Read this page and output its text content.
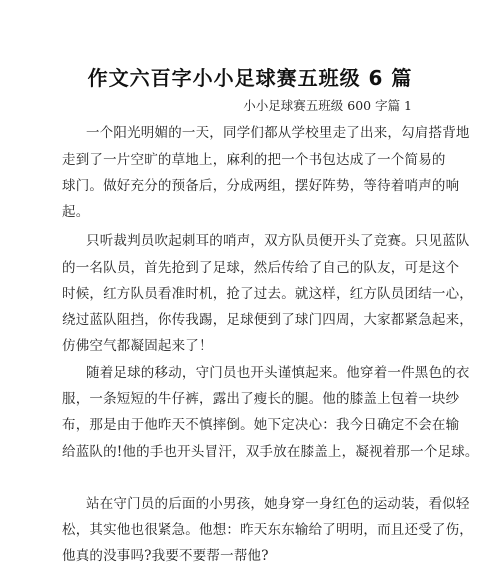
作文六百字小小足球赛五班级 6 篇
小小足球赛五班级 600 字篇 1
一个阳光明媚的一天，同学们都从学校里走了出来，勾肩搭背地
走到了一片空旷的草地上，麻利的把一个书包达成了一个简易的
球门。做好充分的预备后，分成两组，摆好阵势，等待着哨声的响
起。
只听裁判员吹起刺耳的哨声，双方队员便开头了竞赛。只见蓝队
的一名队员，首先抢到了足球，然后传给了自己的队友，可是这个
时候，红方队员看准时机，抢了过去。就这样，红方队员团结一心，
绕过蓝队阻挡，你传我踢，足球便到了球门四周，大家都紧急起来，
仿佛空气都凝固起来了！
随着足球的移动，守门员也开头谨慎起来。他穿着一件黑色的衣
服，一条短短的牛仔裤，露出了瘦长的腿。他的膝盖上包着一块纱
布，那是由于他昨天不慎摔倒。她下定决心：我今日确定不会在输
给蓝队的!他的手也开头冒汗，双手放在膝盖上，凝视着那一个足球。
站在守门员的后面的小男孩，她身穿一身红色的运动装，看似轻
松，其实他也很紧急。他想：昨天东东输给了明明，而且还受了伤，
他真的没事吗?我要不要帮一帮他?
